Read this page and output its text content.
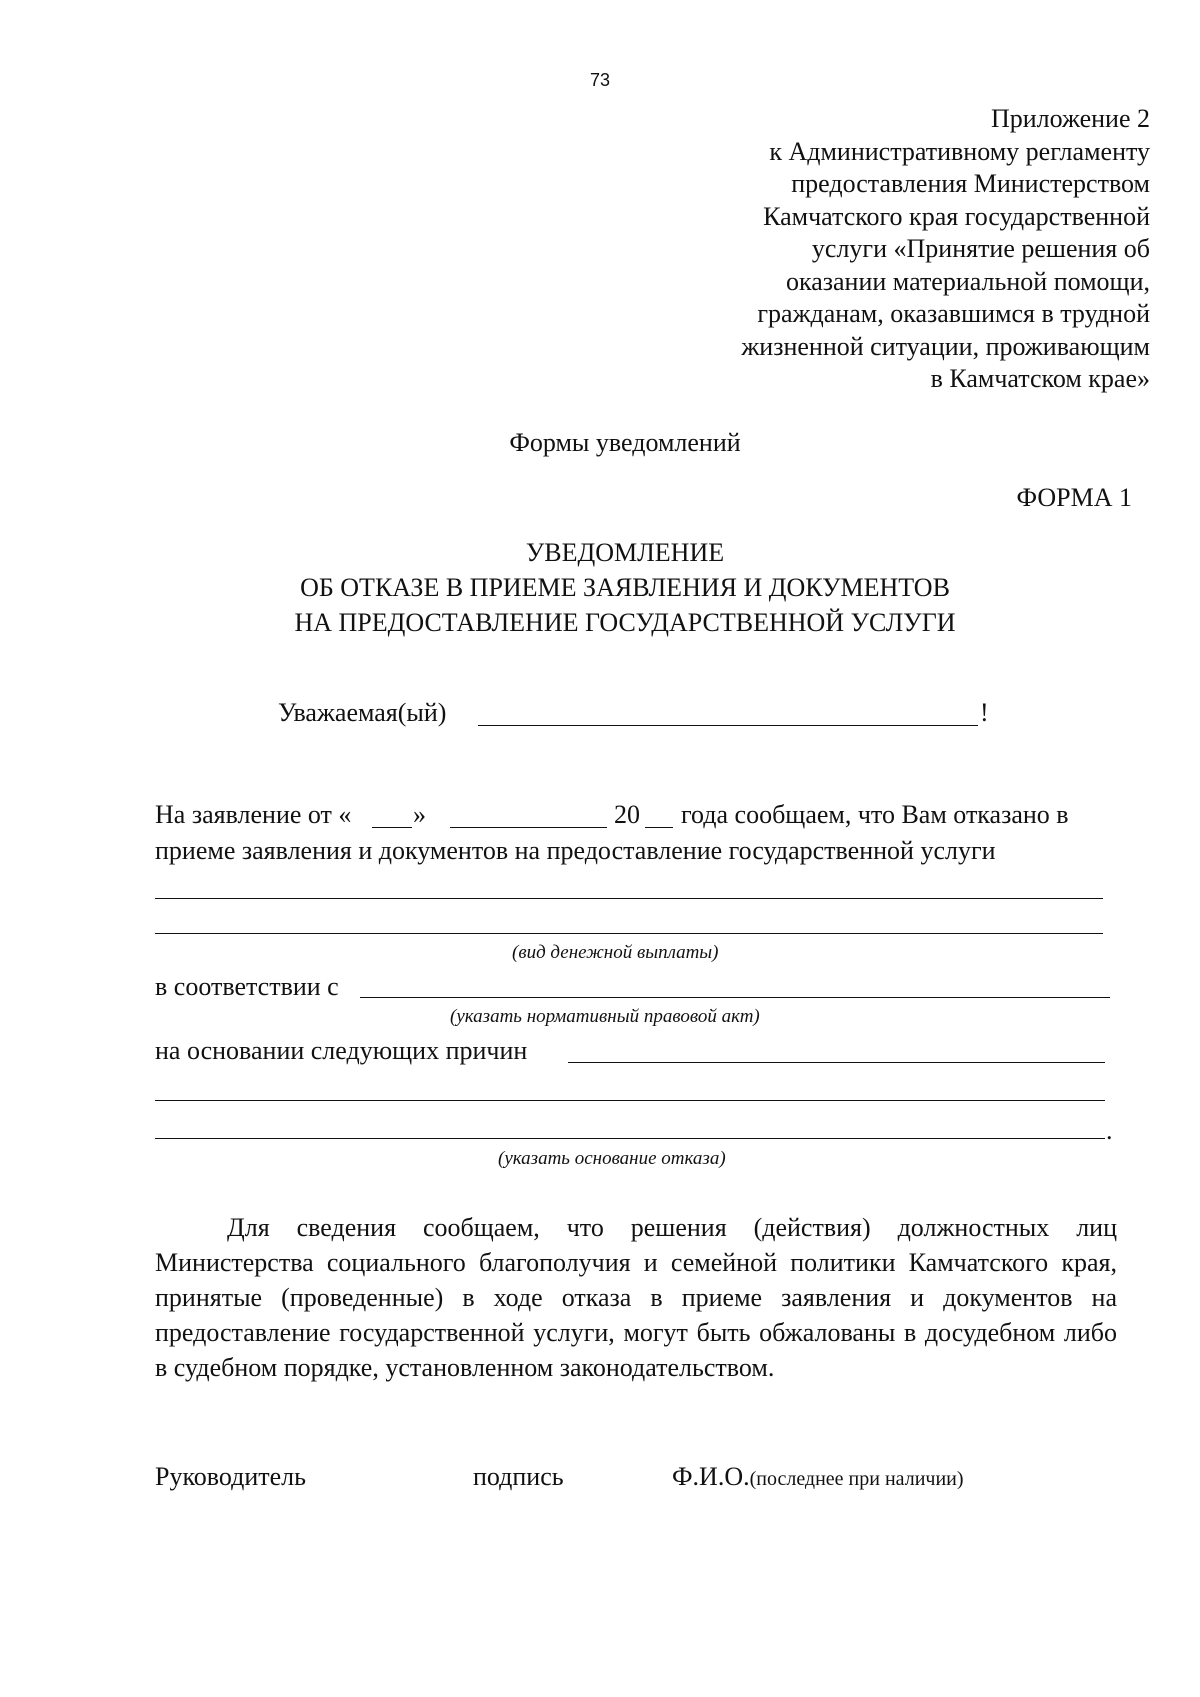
73
Приложение 2
к Административному регламенту
предоставления Министерством
Камчатского края государственной
услуги «Принятие решения об
оказании материальной помощи,
гражданам, оказавшимся в трудной
жизненной ситуации, проживающим
в Камчатском крае»
Формы уведомлений
ФОРМА 1
УВЕДОМЛЕНИЕ
ОБ ОТКАЗЕ В ПРИЕМЕ ЗАЯВЛЕНИЯ И ДОКУМЕНТОВ
НА ПРЕДОСТАВЛЕНИЕ ГОСУДАРСТВЕННОЙ УСЛУГИ
Уважаемая(ый)	!
На заявление от « »	20 года сообщаем, что Вам отказано в
приеме заявления и документов на предоставление государственной услуги
(вид денежной выплаты)
в соответствии с
(указать нормативный правовой акт)
на основании следующих причин
.
(указать основание отказа)
Для сведения сообщаем, что решения (действия) должностных лиц Министерства социального благополучия и семейной политики Камчатского края, принятые (проведенные) в ходе отказа в приеме заявления и документов на предоставление государственной услуги, могут быть обжалованы в досудебном либо в судебном порядке, установленном законодательством.
Руководитель	подпись	Ф.И.О.(последнее при наличии)
